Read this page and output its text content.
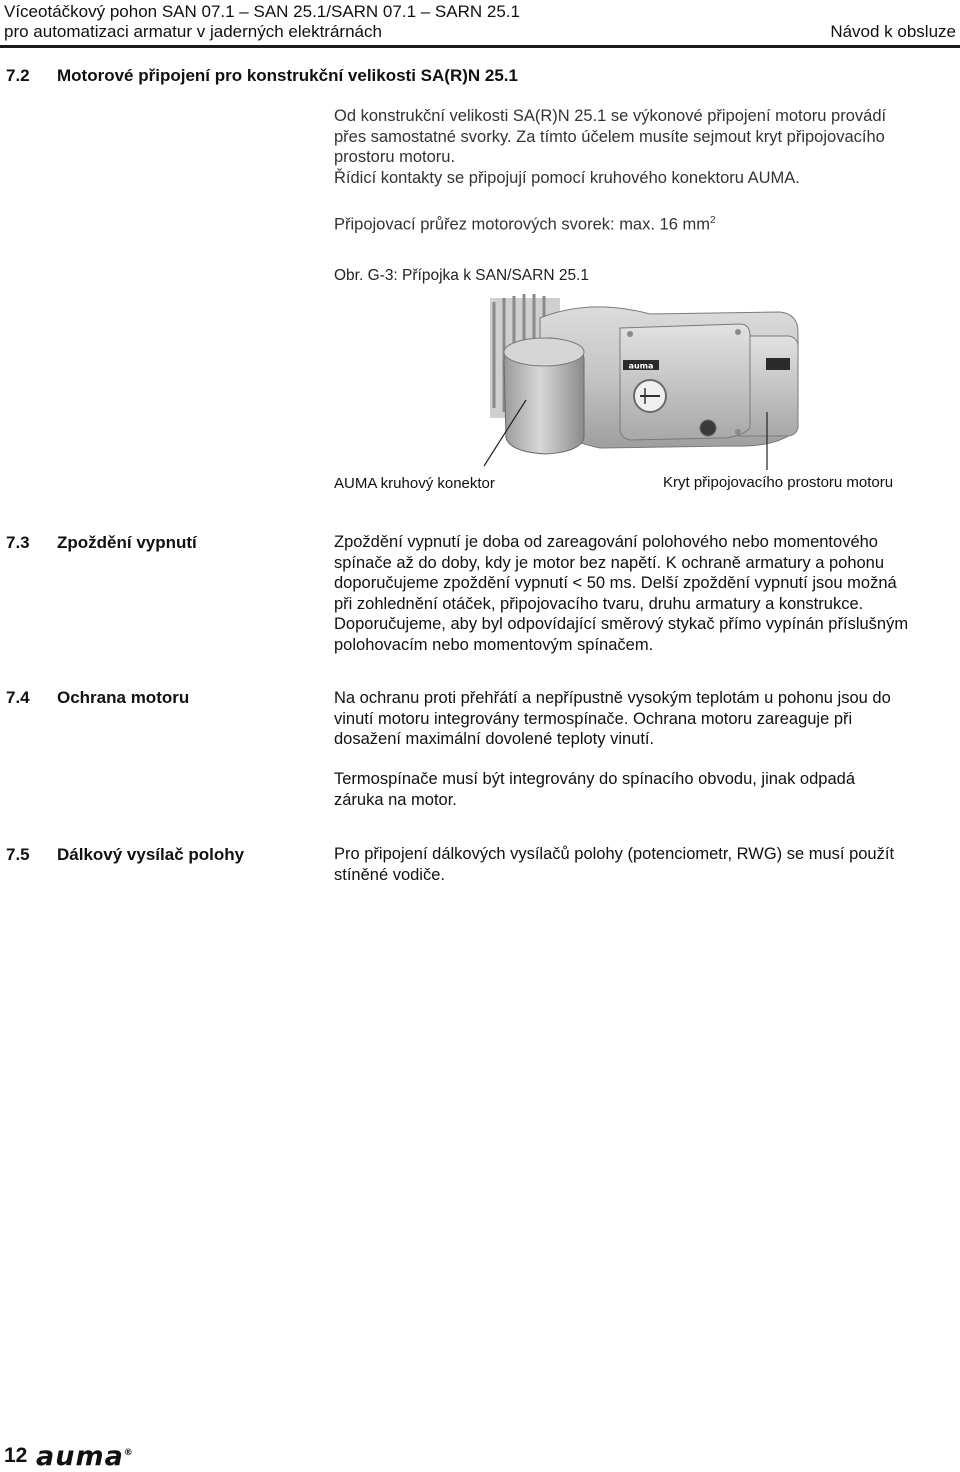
Víceotáčkový pohon SAN 07.1 – SAN 25.1/SARN 07.1 – SARN 25.1
pro automatizaci armatur v jaderných elektrárnách	Návod k obsluze
7.2 Motorové připojení pro konstrukční velikosti SA(R)N 25.1
Od konstrukční velikosti SA(R)N 25.1 se výkonové připojení motoru provádí
přes samostatné svorky. Za tímto účelem musíte sejmout kryt připojovacího
prostoru motoru.
Řídicí kontakty se připojují pomocí kruhového konektoru AUMA.
Připojovací průřez motorových svorek: max. 16 $mm^2$
Obr. G-3: Přípojka k SAN/SARN 25.1
auma
AUMA kruhový konektor	Kryt připojovacího prostoru motoru
7.3 Zpoždění vypnutí	Zpoždění vypnutí je doba od zareagování polohového nebo momentového
spínače až do doby, kdy je motor bez napětí. K ochraně armatury a pohonu
doporučujeme zpoždění vypnutí < 50 ms. Delší zpoždění vypnutí jsou možná
při zohlednění otáček, připojovacího tvaru, druhu armatury a konstrukce.
Doporučujeme, aby byl odpovídající směrový stykač přímo vypínán příslušným
polohovacím nebo momentovým spínačem.
7.4 Ochrana motoru	Na ochranu proti přehřátí a nepřípustně vysokým teplotám u pohonu jsou do
vinutí motoru integrovány termospínače. Ochrana motoru zareaguje při
dosažení maximální dovolené teploty vinutí.
Termospínače musí být integrovány do spínacího obvodu, jinak odpadá
záruka na motor.
7.5 Dálkový vysílač polohy	Pro připojení dálkových vysílačů polohy (potenciometr, RWG) se musí použít
stíněné vodiče.
12 auma®
